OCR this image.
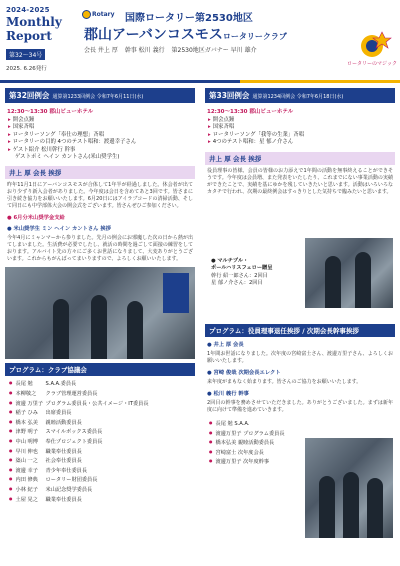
2024-2025
Monthly
Report
第32〜34号
2025. 6.26発行
Rotary 国際ロータリー第2530地区
郡山アーバンコスモスロータリークラブ
会長 井上 厚 幹事 松川 義行 第2530地区ガバナー 早川 雄介
ロータリーのマジック
第32回例会 通算第1233回例会 令和7年6月11日(水)
12:30〜13:30 郡山ビューホテル
▸ 開会点鐘
▸ 国家斉唱
▸ ロータリーソング「奉仕の理想」斉唱
▸ ロータリーの目的 4つのテスト唱和：渡邊幸子さん
▸ ゲスト紹介 松川幹行 幹事
ゲストポミ ヘイン カントさん(米山奨学生)
井上 厚 会長 挨拶
昨年11月1日にアーバンコスモスが合体して1年半が経過しました。休会者が出ており少ずり新入会者がありました。今年度は会日を含めてあと3回です。皆さまに引き続き協力をお願いいたします。6月20日にはアイラブコードの清掃活動、そして同日にも中学部体大会の開会式をございます。皆さんぜひご参加ください。
● 6月分米山奨学金支給
● 米山奨学生 ミン ヘイン カントさん 挨拶
今年4月にミャンマーから参りました。先月の例会にお邪魔した次の日から熱が出てしまいました。生活費が必要でしたし、就活の時間を過ごして面接の練習をしております。アルバイト先の方々にご多くお世話になりまして、大変ありがとうございます。これからもがんばってまいりますので、よろしくお願いいたします。
プログラム：クラブ協議会
● 長尾 勉 S.A.A.委員長
● 本柳敬之 クラブ管理運営委員長
● 渡邊 万里子 プログラム委員長・公共イメージ・IT委員長
● 稲子 ひみ 出席委員長
● 橋本 弘美 親睦活動委員長
● 津野 明子 スマイルボックス委員長
● 中山 明博 奉仕プロジェクト委員長
● 早川 伸也 職業奉仕委員長
● 築山 一之 社会奉仕委員長
● 渡邊 幸子 青少年奉仕委員長
● 内田 修典 ロータリー財団委員長
● 小林 紀子 米山記念奨学委員長
● 土屋 晃之 職業奉仕委員長
第33回例会 通算第1234回例会 令和7年6月18日(水)
12:30〜13:30 郡山ビューホテル
▸ 開会点鐘
▸ 国家斉唱
▸ ロータリーソング「我等の生業」斉唱
▸ 4つのテスト唱和：星 郁ノ介さん
井上 厚 会長 挨拶
役員理事の皆様、会員の皆様のお力添えで1年間の活動を無事終えることができそうです。今年度は会員増、また発表をいたしたり、これまでにない事業活動の実績ができたことで、実績を基にゆかを残していきたいと思います。活動はいろいろなカタチで行われ、次期の最終例会はすっきりとした気持ちで臨みたいと思います。
● マルチプル・
ポールハリスフェロー贈呈
幹行 紹一郎さん：2回目
星 郁ノ介さん：2回目
プログラム：役員理事退任挨拶 / 次期会長幹事挨拶
● 井上 厚 会長
1年間お世話になりました。次年度の宮崎富士さん、渡邊万里子さん、よろしくお願いいたします。
● 宮崎 俊哉 次期会長エレクト
来年度がまもなく始まります。皆さんのご協力をお願いいたします。
● 松川 義行 幹事
2回目の幹事を務めさせていただきました。ありがとうございました。まずは新年度に向けて準備を進めていきます。
● 長尾 勉 S.A.A.
● 渡邊万里子 プログラム委員長
● 橋本弘美 親睦活動委員長
● 宮崎富士 次年度会長
● 渡邊万里子 次年度幹事
